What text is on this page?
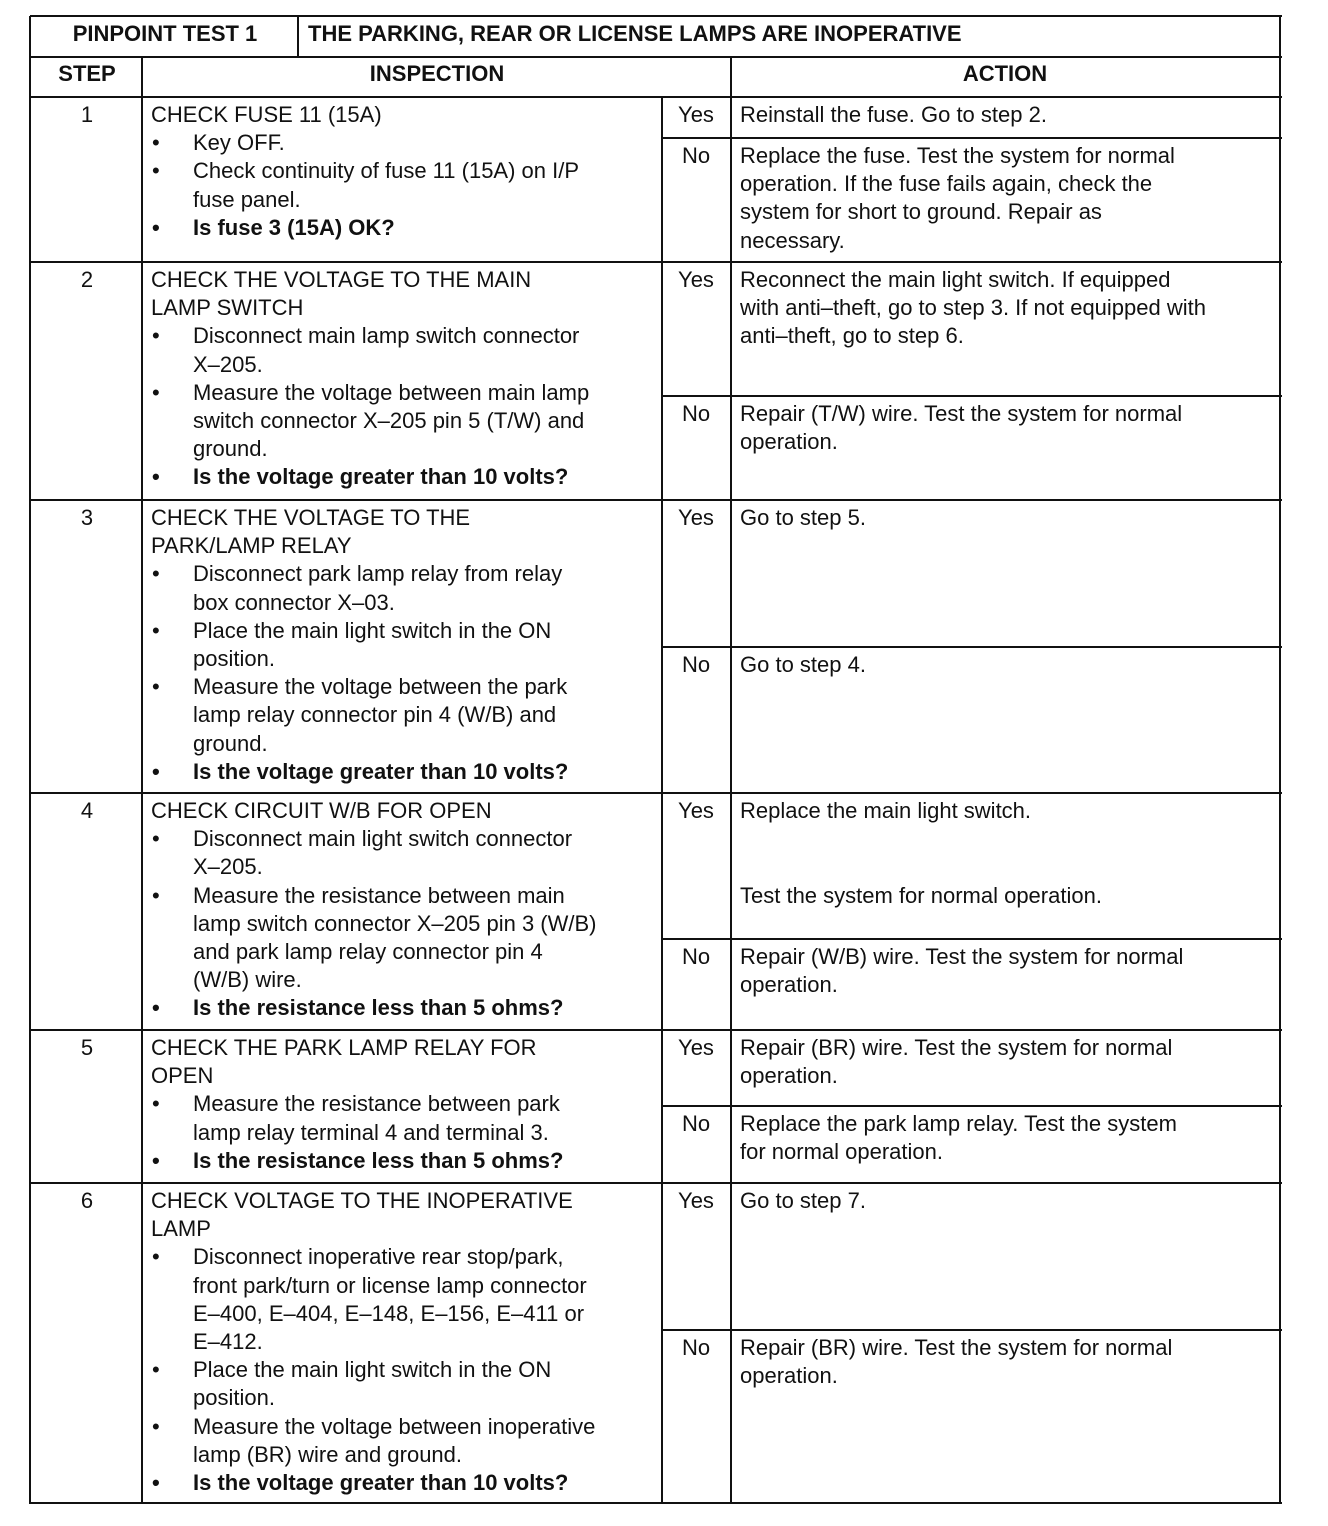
PINPOINT TEST 1	THE PARKING, REAR OR LICENSE LAMPS ARE INOPERATIVE
STEP	INSPECTION	ACTION
1	CHECK FUSE 11 (15A)
• Key OFF.
• Check continuity of fuse 11 (15A) on I/P
fuse panel.
• Is fuse 3 (15A) OK?
Yes	Reinstall the fuse. Go to step 2.
No	Replace the fuse. Test the system for normal
operation. If the fuse fails again, check the
system for short to ground. Repair as
necessary.
2	CHECK THE VOLTAGE TO THE MAIN
LAMP SWITCH
• Disconnect main lamp switch connector
X–205.
• Measure the voltage between main lamp
switch connector X–205 pin 5 (T/W) and
ground.
• Is the voltage greater than 10 volts?
Yes	Reconnect the main light switch. If equipped
with anti–theft, go to step 3. If not equipped with
anti–theft, go to step 6.
No	Repair (T/W) wire. Test the system for normal
operation.
3	CHECK THE VOLTAGE TO THE
PARK/LAMP RELAY
• Disconnect park lamp relay from relay
box connector X–03.
• Place the main light switch in the ON
position.
• Measure the voltage between the park
lamp relay connector pin 4 (W/B) and
ground.
• Is the voltage greater than 10 volts?
Yes	Go to step 5.
No	Go to step 4.
4	CHECK CIRCUIT W/B FOR OPEN
• Disconnect main light switch connector
X–205.
• Measure the resistance between main
lamp switch connector X–205 pin 3 (W/B)
and park lamp relay connector pin 4
(W/B) wire.
• Is the resistance less than 5 ohms?
Yes	Replace the main light switch.
Test the system for normal operation.
No	Repair (W/B) wire. Test the system for normal
operation.
5	CHECK THE PARK LAMP RELAY FOR
OPEN
• Measure the resistance between park
lamp relay terminal 4 and terminal 3.
• Is the resistance less than 5 ohms?
Yes	Repair (BR) wire. Test the system for normal
operation.
No	Replace the park lamp relay. Test the system
for normal operation.
6	CHECK VOLTAGE TO THE INOPERATIVE
LAMP
• Disconnect inoperative rear stop/park,
front park/turn or license lamp connector
E–400, E–404, E–148, E–156, E–411 or
E–412.
• Place the main light switch in the ON
position.
• Measure the voltage between inoperative
lamp (BR) wire and ground.
• Is the voltage greater than 10 volts?
Yes	Go to step 7.
No	Repair (BR) wire. Test the system for normal
operation.
